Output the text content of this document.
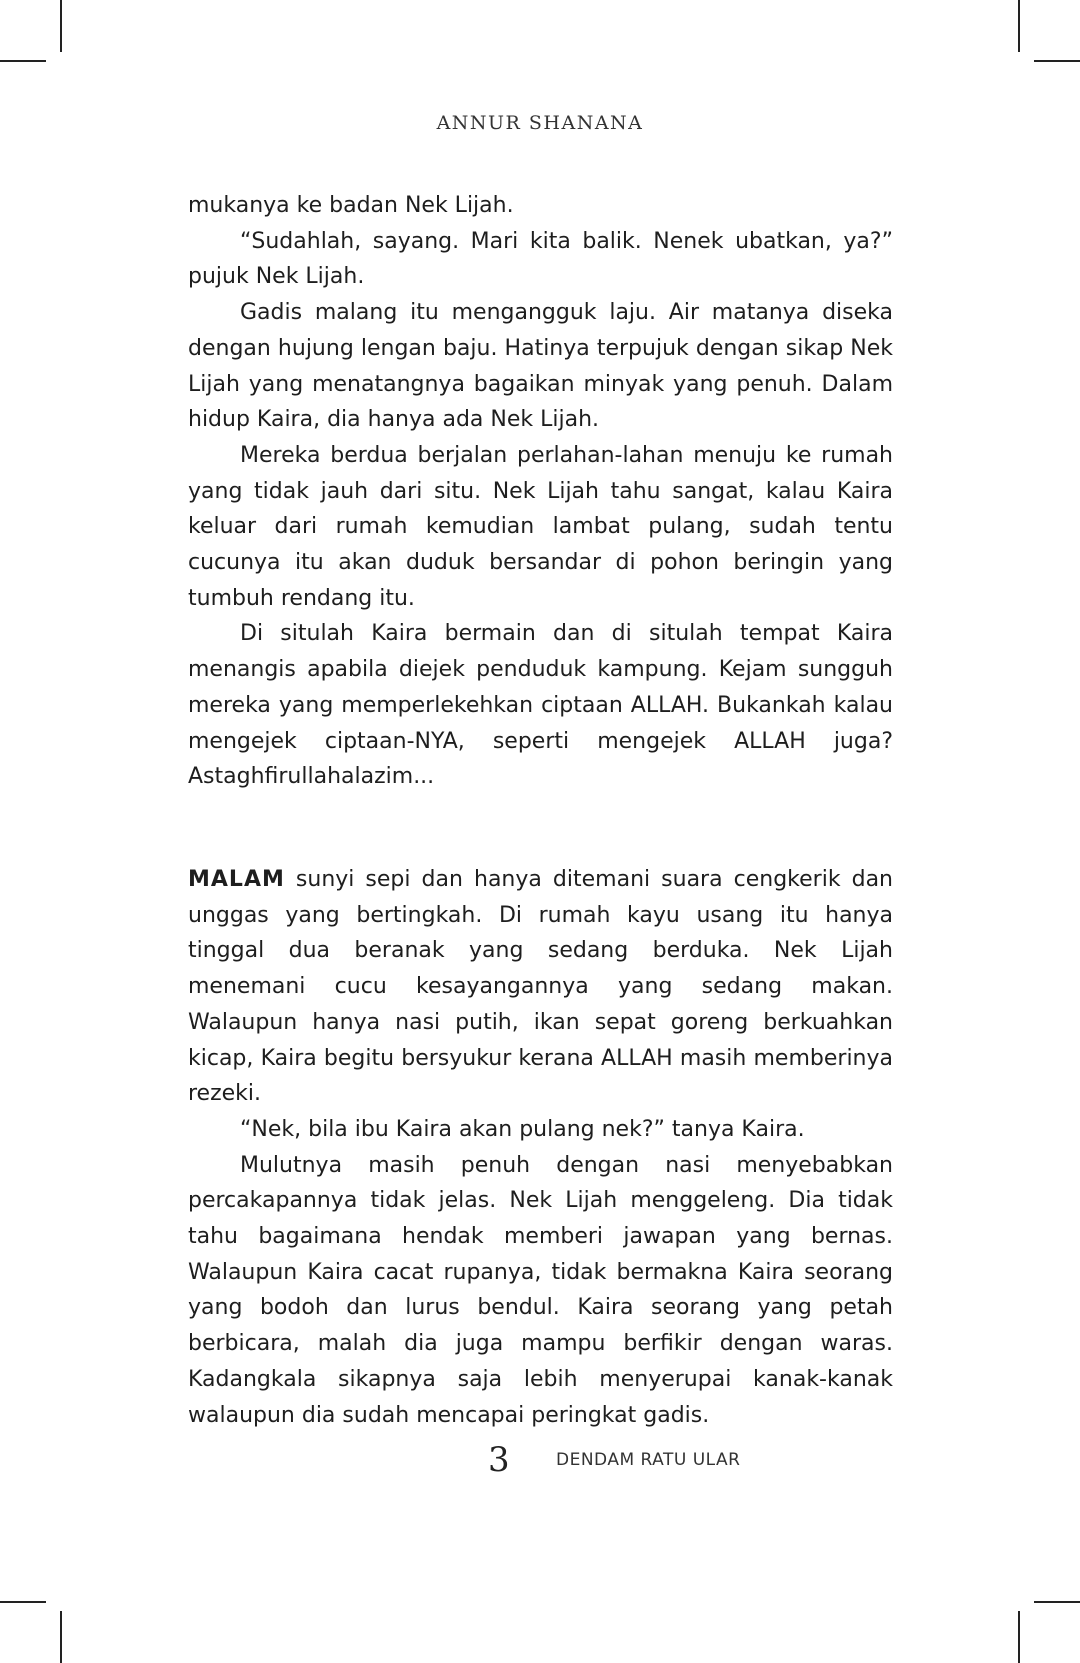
ANNUR SHANANA

mukanya ke badan Nek Lijah.

“Sudahlah, sayang. Mari kita balik. Nenek ubatkan, ya?” pujuk Nek Lijah.

Gadis malang itu mengangguk laju. Air matanya diseka dengan hujung lengan baju. Hatinya terpujuk dengan sikap Nek Lijah yang menatangnya bagaikan minyak yang penuh. Dalam hidup Kaira, dia hanya ada Nek Lijah.

Mereka berdua berjalan perlahan-lahan menuju ke rumah yang tidak jauh dari situ. Nek Lijah tahu sangat, kalau Kaira keluar dari rumah kemudian lambat pulang, sudah tentu cucunya itu akan duduk bersandar di pohon beringin yang tumbuh rendang itu.

Di situlah Kaira bermain dan di situlah tempat Kaira menangis apabila diejek penduduk kampung. Kejam sungguh mereka yang memperlekehkan ciptaan ALLAH. Bukankah kalau mengejek ciptaan-NYA, seperti mengejek ALLAH juga? Astaghfirullahalazim...

MALAM sunyi sepi dan hanya ditemani suara cengkerik dan unggas yang bertingkah. Di rumah kayu usang itu hanya tinggal dua beranak yang sedang berduka. Nek Lijah menemani cucu kesayangannya yang sedang makan. Walaupun hanya nasi putih, ikan sepat goreng berkuahkan kicap, Kaira begitu bersyukur kerana ALLAH masih memberinya rezeki.

“Nek, bila ibu Kaira akan pulang nek?” tanya Kaira.

Mulutnya masih penuh dengan nasi menyebabkan percakapannya tidak jelas. Nek Lijah menggeleng. Dia tidak tahu bagaimana hendak memberi jawapan yang bernas. Walaupun Kaira cacat rupanya, tidak bermakna Kaira seorang yang bodoh dan lurus bendul. Kaira seorang yang petah berbicara, malah dia juga mampu berfikir dengan waras. Kadangkala sikapnya saja lebih menyerupai kanak-kanak walaupun dia sudah mencapai peringkat gadis.

3	DENDAM RATU ULAR
